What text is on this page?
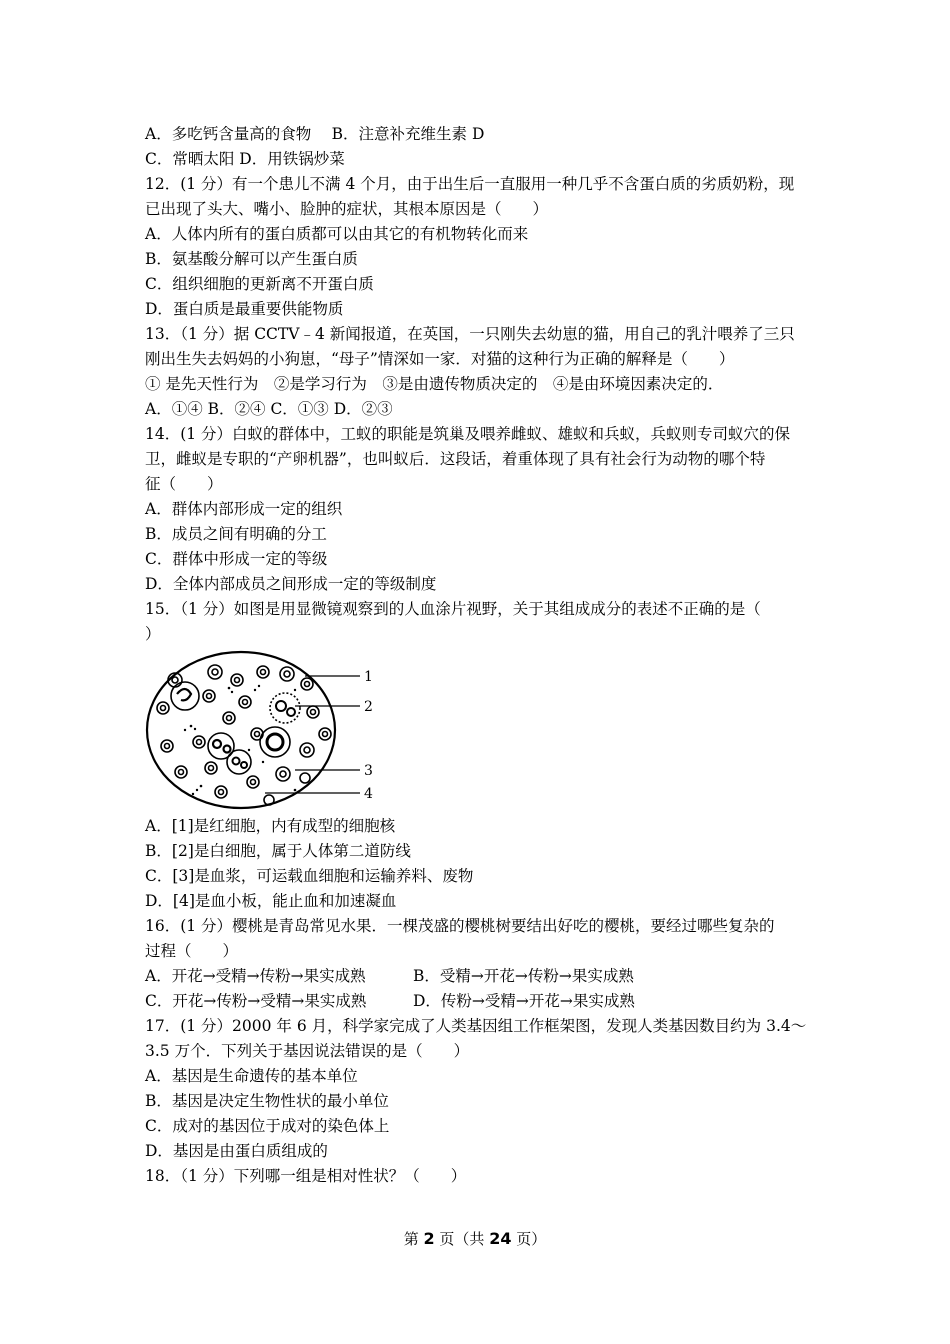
A．多吃钙含量高的食物　 B．注意补充维生素 D
C．常晒太阳 D．用铁锅炒菜
12．(1 分）有一个患儿不满 4 个月，由于出生后一直服用一种几乎不含蛋白质的劣质奶粉，现
已出现了头大、嘴小、脸肿的症状，其根本原因是（　　）
A．人体内所有的蛋白质都可以由其它的有机物转化而来
B．氨基酸分解可以产生蛋白质
C．组织细胞的更新离不开蛋白质
D．蛋白质是最重要供能物质
13．（1 分）据 CCTV﹣4 新闻报道，在英国，一只刚失去幼崽的猫，用自己的乳汁喂养了三只
刚出生失去妈妈的小狗崽，“母子”情深如一家．对猫的这种行为正确的解释是（　　）
① 是先天性行为　②是学习行为　③是由遗传物质决定的　④是由环境因素决定的．
A．①④ B．②④ C．①③ D．②③
14．(1 分）白蚁的群体中，工蚁的职能是筑巢及喂养雌蚁、雄蚁和兵蚁，兵蚁则专司蚁穴的保
卫，雌蚁是专职的“产卵机器”，也叫蚁后．这段话，着重体现了具有社会行为动物的哪个特
征（　　）
A．群体内部形成一定的组织
B．成员之间有明确的分工
C．群体中形成一定的等级
D．全体内部成员之间形成一定的等级制度
15．（1 分）如图是用显微镜观察到的人血涂片视野，关于其组成成分的表述不正确的是（
）
1
2
3
4
A．[1]是红细胞，内有成型的细胞核
B．[2]是白细胞，属于人体第二道防线
C．[3]是血浆，可运载血细胞和运输养料、废物
D．[4]是血小板，能止血和加速凝血
16．(1 分）樱桃是青岛常见水果．一棵茂盛的樱桃树要结出好吃的樱桃，要经过哪些复杂的
过程（　　）
A．开花→受精→传粉→果实成熟	B．受精→开花→传粉→果实成熟
C．开花→传粉→受精→果实成熟	D．传粉→受精→开花→果实成熟
17．(1 分）2000 年 6 月，科学家完成了人类基因组工作框架图，发现人类基因数目约为 3.4～
3.5 万个．下列关于基因说法错误的是（　　）
A．基因是生命遗传的基本单位
B．基因是决定生物性状的最小单位
C．成对的基因位于成对的染色体上
D．基因是由蛋白质组成的
18．（1 分）下列哪一组是相对性状？（　　）
第 2 页（共 24 页）
